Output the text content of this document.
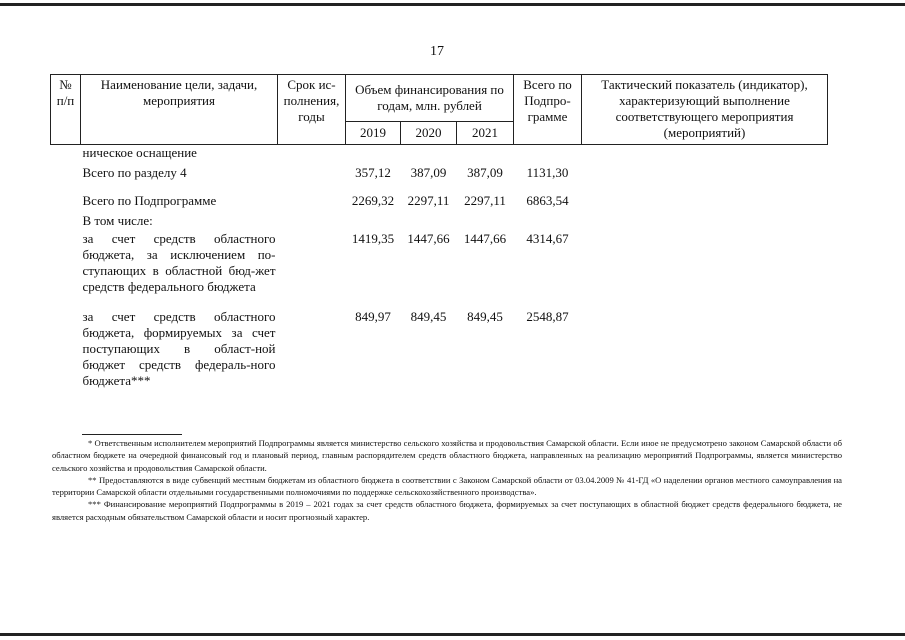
17
№ п/п	Наименование цели, задачи, мероприятия	Срок ис-полнения, годы	Объем финансирования по годам, млн. рублей			Всего по Подпро-грамме	Тактический показатель (индикатор), характеризующий выполнение соответствующего мероприятия (мероприятий)
			2019	2020	2021		
	ническое оснащение						
	Всего по разделу 4		357,12	387,09	387,09	1131,30	
	Всего по Подпрограмме		2269,32	2297,11	2297,11	6863,54	
	В том числе:						
	за счет средств областного бюджета, за исключением по-ступающих в областной бюд-жет средств федерального бюджета		1419,35	1447,66	1447,66	4314,67	
	за счет средств областного бюджета, формируемых за счет поступающих в област-ной бюджет средств федераль-ного бюджета***		849,97	849,45	849,45	2548,87	

* Ответственным исполнителем мероприятий Подпрограммы является министерство сельского хозяйства и продовольствия Самарской области. Если иное не предусмотрено законом Самарской области об областном бюджете на очередной финансовый год и плановый период, главным распорядителем средств областного бюджета, направленных на реализацию мероприятий Подпрограммы, является министерство сельского хозяйства и продовольствия Самарской области.

** Предоставляются в виде субвенций местным бюджетам из областного бюджета в соответствии с Законом Самарской области от 03.04.2009 № 41-ГД «О наделении органов местного самоуправления на территории Самарской области отдельными государственными полномочиями по поддержке сельскохозяйственного производства».

*** Финансирование мероприятий Подпрограммы в 2019 – 2021 годах за счет средств областного бюджета, формируемых за счет поступающих в областной бюджет средств федерального бюджета, не является расходным обязательством Самарской области и носит прогнозный характер.
